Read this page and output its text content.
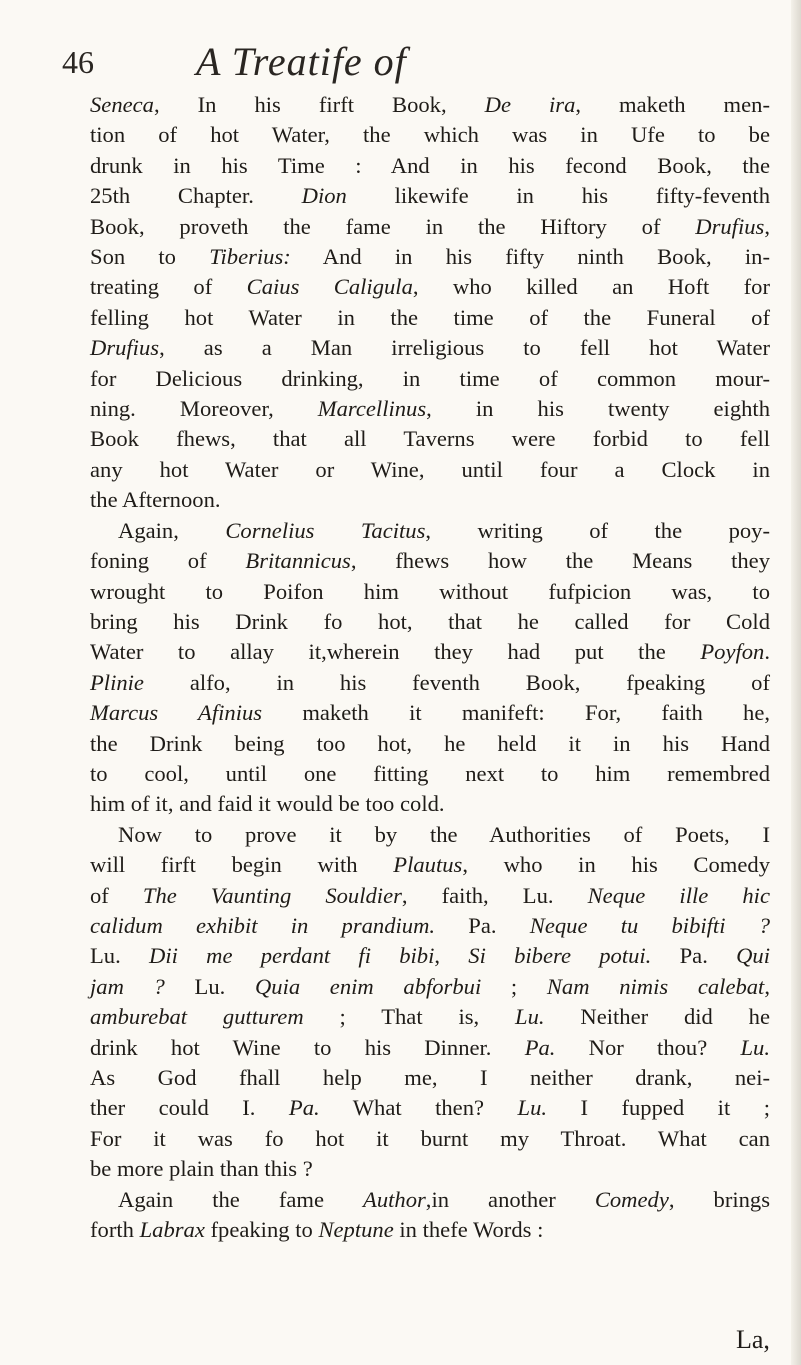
46	A Treatife of
Seneca, In his firft Book, De ira, maketh men-
tion of hot Water, the which was in Ufe to be
drunk in his Time : And in his fecond Book, the
25th Chapter. Dion likewife in his fifty-feventh
Book, proveth the fame in the Hiftory of Drufius,
Son to Tiberius: And in his fifty ninth Book, in-
treating of Caius Caligula, who killed an Hoft for
felling hot Water in the time of the Funeral of
Drufius, as a Man irreligious to fell hot Water
for Delicious drinking, in time of common mour-
ning. Moreover, Marcellinus, in his twenty eighth
Book fhews, that all Taverns were forbid to fell
any hot Water or Wine, until four a Clock in
the Afternoon.
Again, Cornelius Tacitus, writing of the poy-
foning of Britannicus, fhews how the Means they
wrought to Poifon him without fufpicion was, to
bring his Drink fo hot, that he called for Cold
Water to allay it,wherein they had put the Poyfon.
Plinie alfo, in his feventh Book, fpeaking of
Marcus Afinius maketh it manifeft: For, faith he,
the Drink being too hot, he held it in his Hand
to cool, until one fitting next to him remembred
him of it, and faid it would be too cold.
Now to prove it by the Authorities of Poets, I
will firft begin with Plautus, who in his Comedy
of The Vaunting Souldier, faith, Lu. Neque ille hic
calidum exhibit in prandium. Pa. Neque tu bibifti ?
Lu. Dii me perdant fi bibi, Si bibere potui. Pa. Qui
jam ? Lu. Quia enim abforbui ; Nam nimis calebat,
amburebat gutturem ; That is, Lu. Neither did he
drink hot Wine to his Dinner. Pa. Nor thou? Lu.
As God fhall help me, I neither drank, nei-
ther could I. Pa. What then? Lu. I fupped it ;
For it was fo hot it burnt my Throat. What can
be more plain than this ?
Again the fame Author,in another Comedy, brings
forth Labrax fpeaking to Neptune in thefe Words :
La,
